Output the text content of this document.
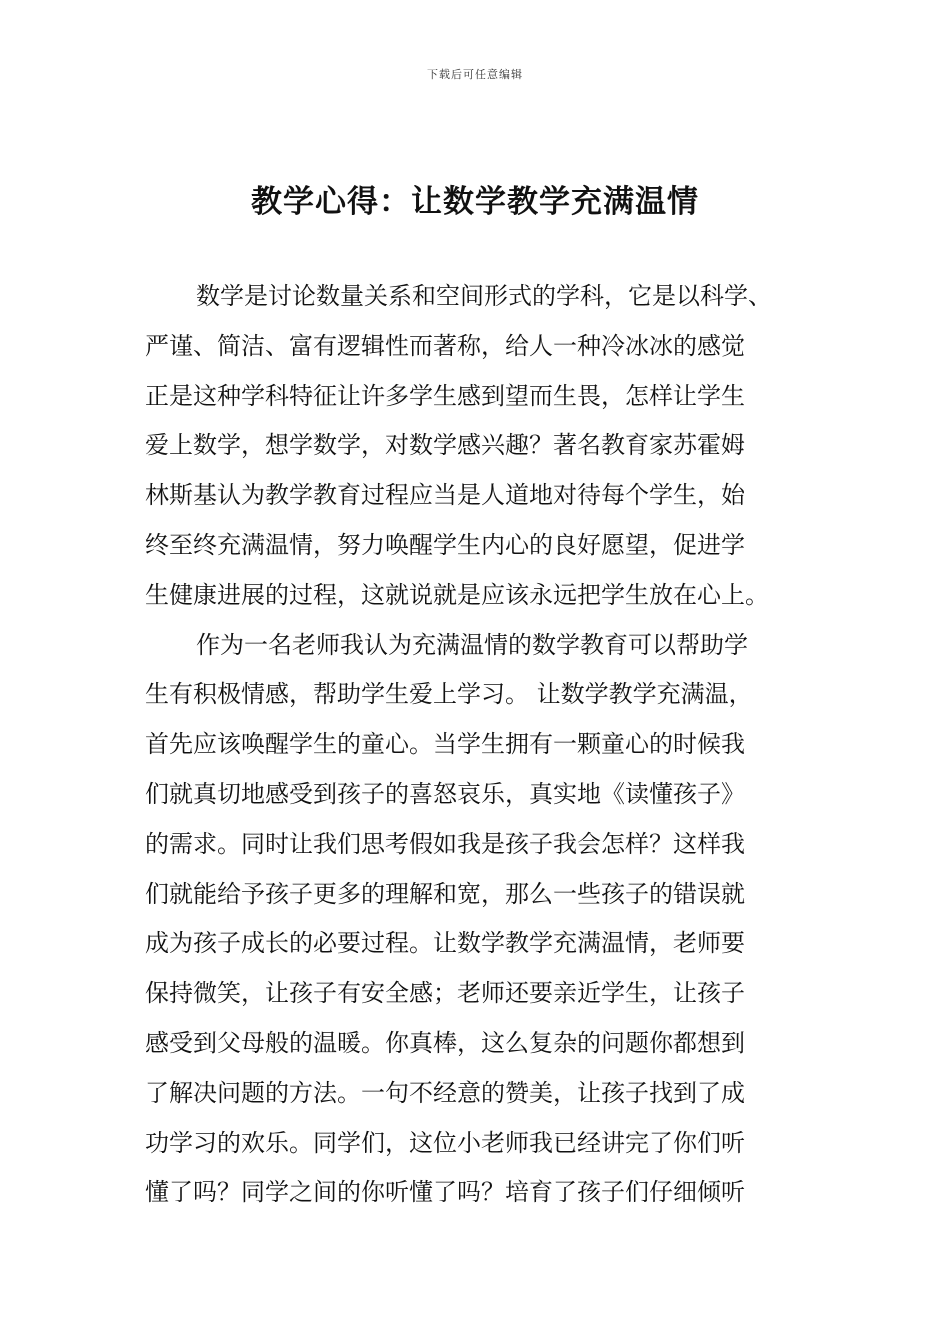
下载后可任意编辑
教学心得：让数学教学充满温情
数学是讨论数量关系和空间形式的学科，它是以科学、
严谨、简洁、富有逻辑性而著称，给人一种冷冰冰的感觉
正是这种学科特征让许多学生感到望而生畏，怎样让学生
爱上数学，想学数学，对数学感兴趣？著名教育家苏霍姆
林斯基认为教学教育过程应当是人道地对待每个学生，始
终至终充满温情，努力唤醒学生内心的良好愿望，促进学
生健康进展的过程，这就说就是应该永远把学生放在心上。
作为一名老师我认为充满温情的数学教育可以帮助学
生有积极情感，帮助学生爱上学习。 让数学教学充满温，
首先应该唤醒学生的童心。当学生拥有一颗童心的时候我
们就真切地感受到孩子的喜怒哀乐，真实地《读懂孩子》
的需求。同时让我们思考假如我是孩子我会怎样？这样我
们就能给予孩子更多的理解和宽，那么一些孩子的错误就
成为孩子成长的必要过程。让数学教学充满温情，老师要
保持微笑，让孩子有安全感；老师还要亲近学生，让孩子
感受到父母般的温暖。你真棒，这么复杂的问题你都想到
了解决问题的方法。一句不经意的赞美，让孩子找到了成
功学习的欢乐。同学们，这位小老师我已经讲完了你们听
懂了吗？同学之间的你听懂了吗？培育了孩子们仔细倾听
